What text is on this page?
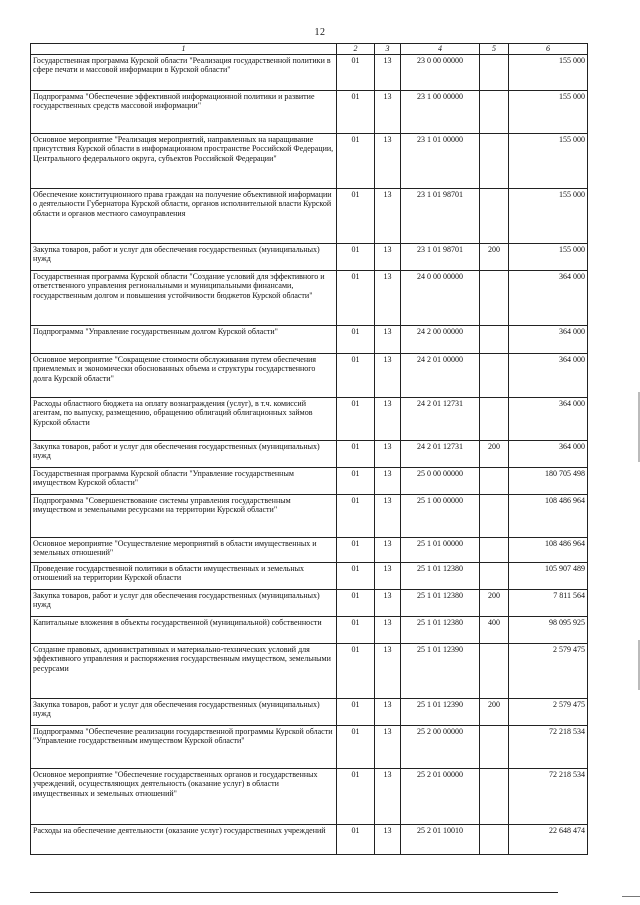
12
1	2	3	4	5	6
Государственная программа Курской области "Реализация государственной политики в сфере печати и массовой информации в Курской области"	01	13	23 0 00 00000		155 000
Подпрограмма "Обеспечение эффективной информационной политики и развитие государственных средств массовой информации"	01	13	23 1 00 00000		155 000
Основное мероприятие "Реализация мероприятий, направленных на наращивание присутствия Курской области в информационном пространстве Российской Федерации, Центрального федерального округа, субъектов Российской Федерации"	01	13	23 1 01 00000		155 000
Обеспечение конституционного права граждан на получение объективной информации о деятельности Губернатора Курской области, органов исполнительной власти Курской области и органов местного самоуправления	01	13	23 1 01 98701		155 000
Закупка товаров, работ и услуг для обеспечения государственных (муниципальных) нужд	01	13	23 1 01 98701	200	155 000
Государственная программа Курской области "Создание условий для эффективного и ответственного управления региональными и муниципальными финансами, государственным долгом и повышения устойчивости бюджетов Курской области"	01	13	24 0 00 00000		364 000
Подпрограмма "Управление государственным долгом Курской области"	01	13	24 2 00 00000		364 000
Основное мероприятие "Сокращение стоимости обслуживания путем обеспечения приемлемых и экономически обоснованных объема и структуры государственного долга Курской области"	01	13	24 2 01 00000		364 000
Расходы областного бюджета на оплату вознаграждения (услуг), в т.ч. комиссий агентам, по выпуску, размещению, обращению облигаций облигационных займов Курской области	01	13	24 2 01 12731		364 000
Закупка товаров, работ и услуг для обеспечения государственных (муниципальных) нужд	01	13	24 2 01 12731	200	364 000
Государственная программа Курской области "Управление государственным имуществом Курской области"	01	13	25 0 00 00000		180 705 498
Подпрограмма "Совершенствование системы управления государственным имуществом и земельными ресурсами на территории Курской области"	01	13	25 1 00 00000		108 486 964
Основное мероприятие "Осуществление мероприятий в области имущественных и земельных отношений"	01	13	25 1 01 00000		108 486 964
Проведение государственной политики в области имущественных и земельных отношений на территории Курской области	01	13	25 1 01 12380		105 907 489
Закупка товаров, работ и услуг для обеспечения государственных (муниципальных) нужд	01	13	25 1 01 12380	200	7 811 564
Капитальные вложения в объекты государственной (муниципальной) собственности	01	13	25 1 01 12380	400	98 095 925
Создание правовых, административных и материально-технических условий для эффективного управления и распоряжения государственным имуществом, земельными ресурсами	01	13	25 1 01 12390		2 579 475
Закупка товаров, работ и услуг для обеспечения государственных (муниципальных) нужд	01	13	25 1 01 12390	200	2 579 475
Подпрограмма "Обеспечение реализации государственной программы Курской области "Управление государственным имуществом Курской области"	01	13	25 2 00 00000		72 218 534
Основное мероприятие "Обеспечение государственных органов и государственных учреждений, осуществляющих деятельность (оказание услуг) в области имущественных и земельных отношений"	01	13	25 2 01 00000		72 218 534
Расходы на обеспечение деятельности (оказание услуг) государственных учреждений	01	13	25 2 01 10010		22 648 474
